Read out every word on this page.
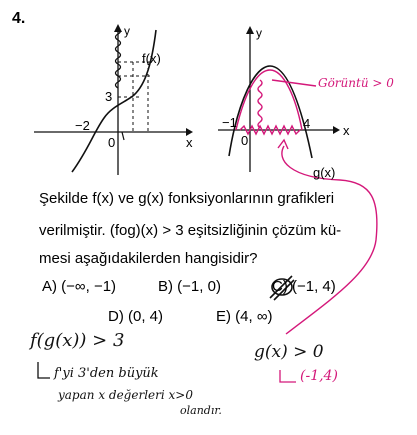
4.
y
f(x)
3
−2
0	x
y
−1	4
0
x
g(x)
Şekilde f(x) ve g(x) fonksiyonlarının grafikleri
verilmiştir. (fog)(x) > 3 eşitsizliğinin çözüm kü-
mesi aşağıdakilerden hangisidir?
A) (−∞, −1)	B) (−1, 0)	C) (−1, 4)
D) (0, 4)	E) (4, ∞)
Görüntü > 0
f(g(x)) > 3
f'yi 3'den büyük
yapan x değerleri x>0
olandır.
g(x) > 0
(-1,4)
